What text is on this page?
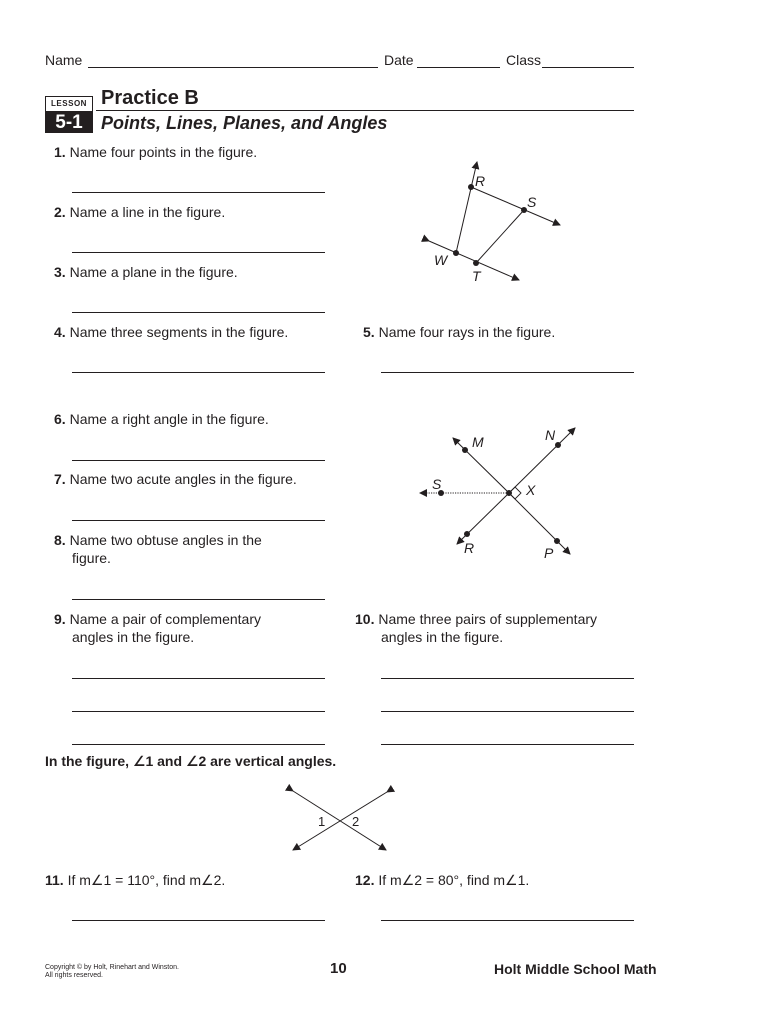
Name	Date	Class
LESSON
5-1
Practice B
Points, Lines, Planes, and Angles
1. Name four points in the figure.
2. Name a line in the figure.
3. Name a plane in the figure.
R
S
W
T
4. Name three segments in the figure.	5. Name four rays in the figure.
6. Name a right angle in the figure.
7. Name two acute angles in the figure.
8. Name two obtuse angles in the
figure.
M	N
S	X
R	P
9. Name a pair of complementary
angles in the figure.
10. Name three pairs of supplementary
angles in the figure.
In the figure, ∠1 and ∠2 are vertical angles.
1 2
11. If m∠1 = 110°, find m∠2.	12. If m∠2 = 80°, find m∠1.
Copyright © by Holt, Rinehart and Winston.
All rights reserved.	10	Holt Middle School Math
